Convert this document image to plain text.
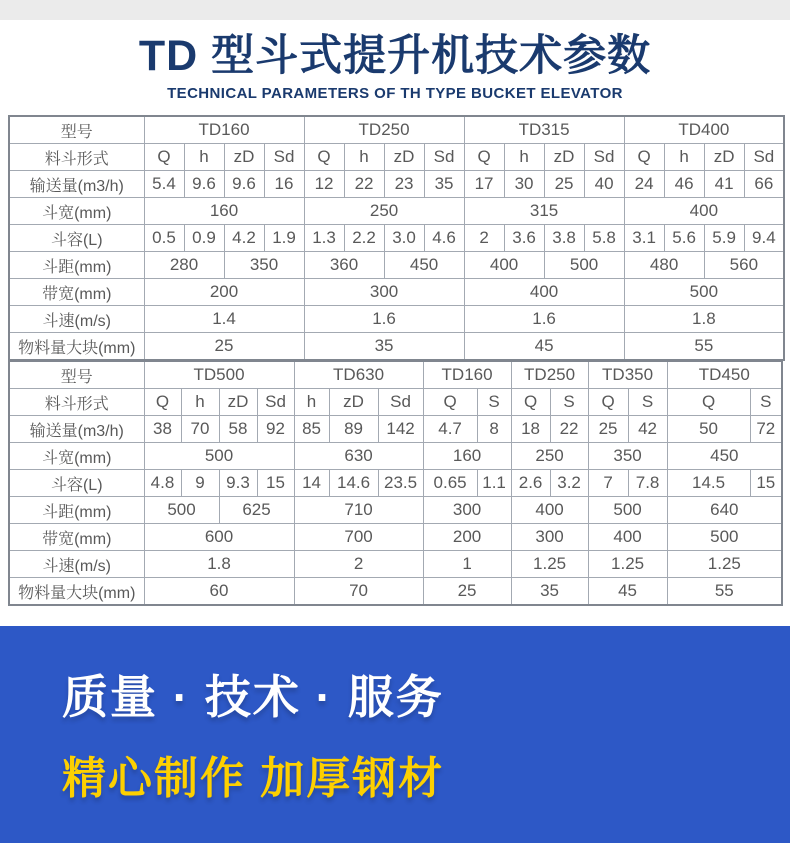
TD 型斗式提升机技术参数
TECHNICAL PARAMETERS OF TH TYPE BUCKET ELEVATOR
型号	TD160				TD250				TD315				TD400			
料斗形式	Q	h	zD	Sd	Q	h	zD	Sd	Q	h	zD	Sd	Q	h	zD	Sd
输送量(m3/h)	5.4	9.6	9.6	16	12	22	23	35	17	30	25	40	24	46	41	66
斗宽(mm)	160				250				315				400			
斗容(L)	0.5	0.9	4.2	1.9	1.3	2.2	3.0	4.6	2	3.6	3.8	5.8	3.1	5.6	5.9	9.4
斗距(mm)	280		350		360		450		400		500		480		560	
带宽(mm)	200				300				400				500			
斗速(m/s)	1.4				1.6				1.6				1.8			
物料量大块(mm)	25				35				45				55			
型号	TD500				TD630			TD160		TD250		TD350		TD450	
料斗形式	Q	h	zD	Sd	h	zD	Sd	Q	S	Q	S	Q	S	Q	S
输送量(m3/h)	38	70	58	92	85	89	142	4.7	8	18	22	25	42	50	72
斗宽(mm)	500				630			160		250		350		450	
斗容(L)	4.8	9	9.3	15	14	14.6	23.5	0.65	1.1	2.6	3.2	7	7.8	14.5	15
斗距(mm)	500		625		710			300		400		500		640	
带宽(mm)	600				700			200		300		400		500	
斗速(m/s)	1.8				2			1		1.25		1.25		1.25	
物料量大块(mm)	60				70			25		35		45		55	
质量 · 技术 · 服务
精心制作 加厚钢材
